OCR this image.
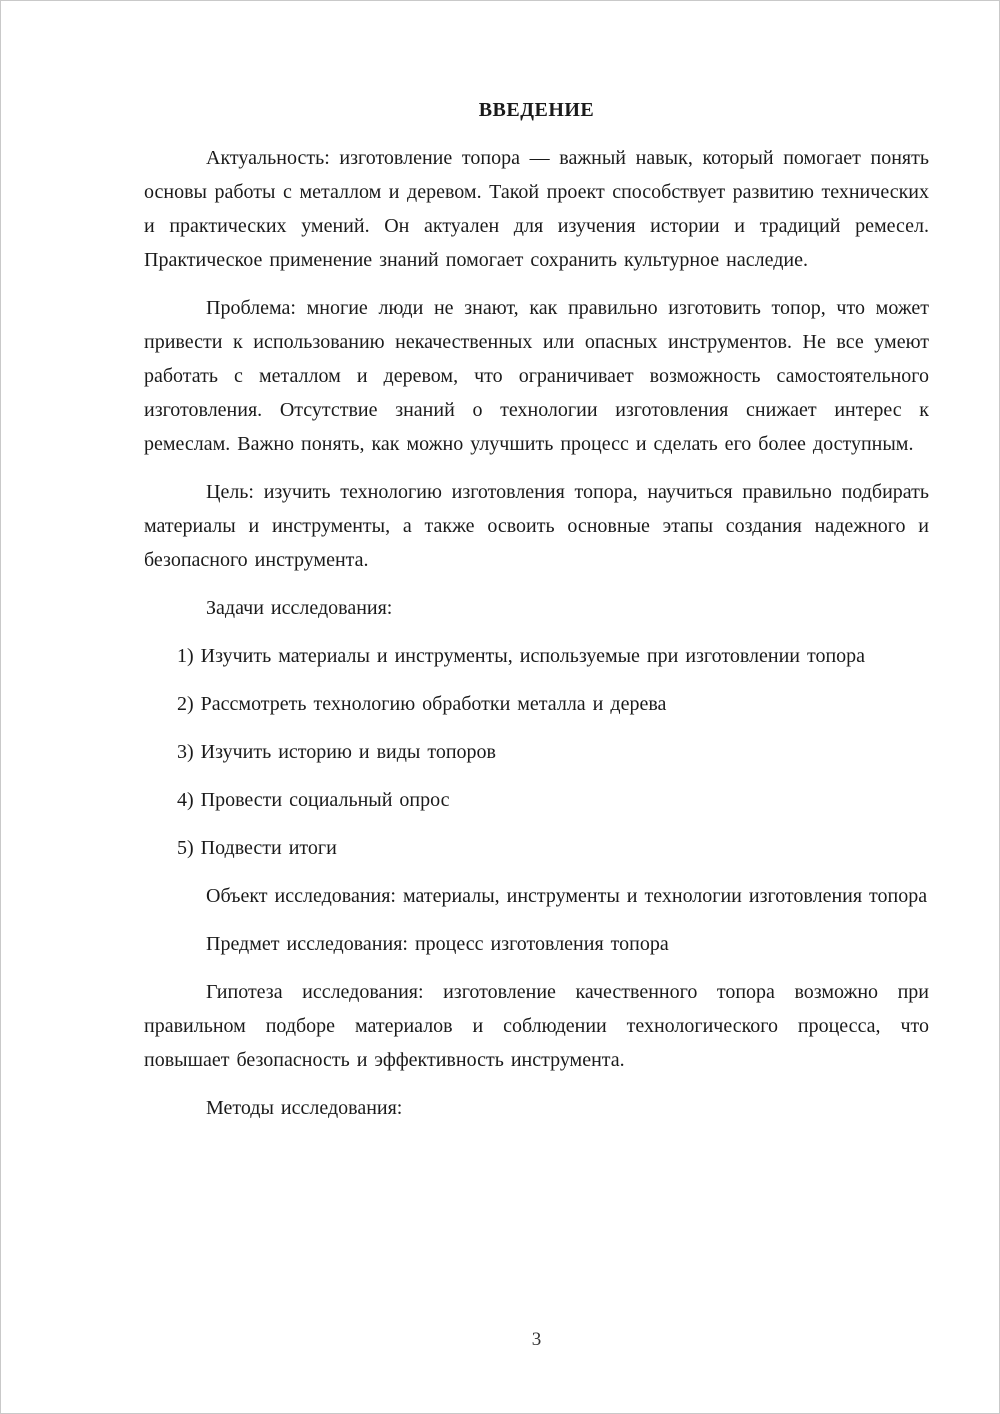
ВВЕДЕНИЕ

Актуальность: изготовление топора — важный навык, который помогает понять основы работы с металлом и деревом. Такой проект способствует развитию технических и практических умений. Он актуален для изучения истории и традиций ремесел. Практическое применение знаний помогает сохранить культурное наследие.

Проблема: многие люди не знают, как правильно изготовить топор, что может привести к использованию некачественных или опасных инструментов. Не все умеют работать с металлом и деревом, что ограничивает возможность самостоятельного изготовления. Отсутствие знаний о технологии изготовления снижает интерес к ремеслам. Важно понять, как можно улучшить процесс и сделать его более доступным.

Цель: изучить технологию изготовления топора, научиться правильно подбирать материалы и инструменты, а также освоить основные этапы создания надежного и безопасного инструмента.

Задачи исследования:

1) Изучить материалы и инструменты, используемые при изготовлении топора

2) Рассмотреть технологию обработки металла и дерева

3) Изучить историю и виды топоров

4) Провести социальный опрос

5) Подвести итоги

Объект исследования: материалы, инструменты и технологии изготовления топора

Предмет исследования: процесс изготовления топора

Гипотеза исследования: изготовление качественного топора возможно при правильном подборе материалов и соблюдении технологического процесса, что повышает безопасность и эффективность инструмента.

Методы исследования:

3
